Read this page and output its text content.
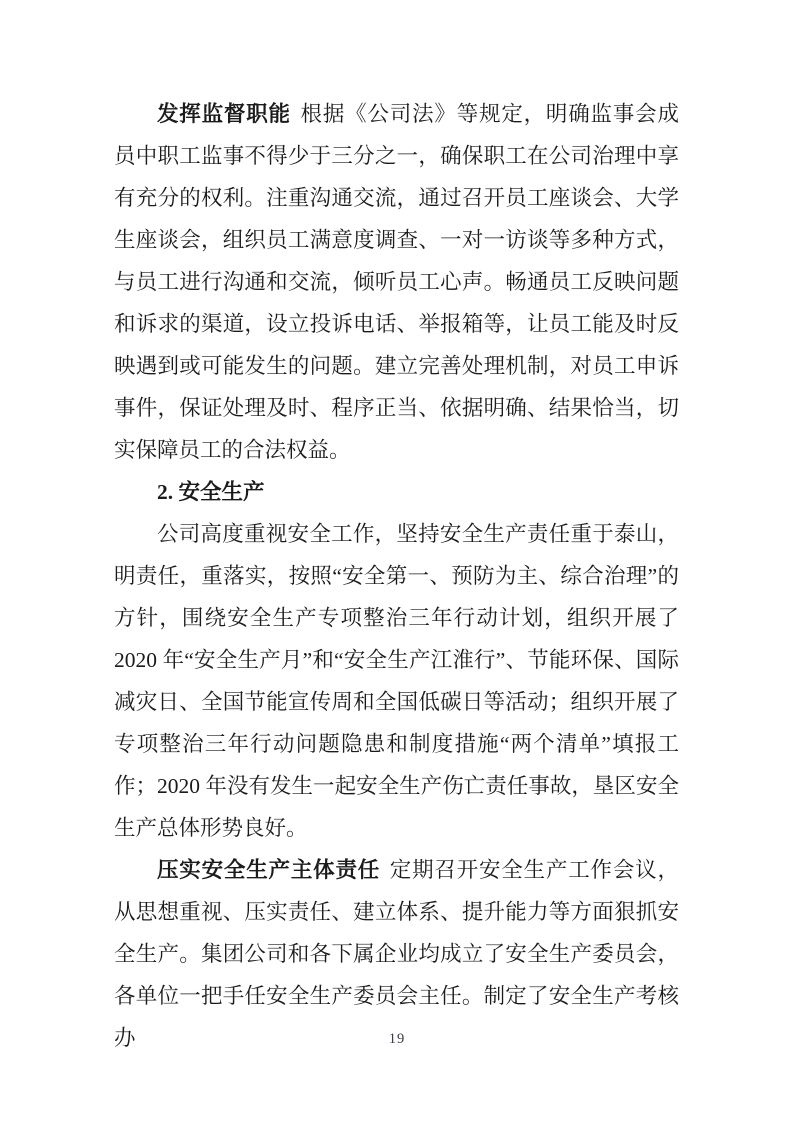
发挥监督职能 根据《公司法》等规定，明确监事会成员中职工监事不得少于三分之一，确保职工在公司治理中享有充分的权利。注重沟通交流，通过召开员工座谈会、大学生座谈会，组织员工满意度调查、一对一访谈等多种方式，与员工进行沟通和交流，倾听员工心声。畅通员工反映问题和诉求的渠道，设立投诉电话、举报箱等，让员工能及时反映遇到或可能发生的问题。建立完善处理机制，对员工申诉事件，保证处理及时、程序正当、依据明确、结果恰当，切实保障员工的合法权益。

2. 安全生产

公司高度重视安全工作，坚持安全生产责任重于泰山，明责任，重落实，按照“安全第一、预防为主、综合治理”的方针，围绕安全生产专项整治三年行动计划，组织开展了 2020 年“安全生产月”和“安全生产江淮行”、节能环保、国际减灾日、全国节能宣传周和全国低碳日等活动；组织开展了专项整治三年行动问题隐患和制度措施“两个清单”填报工作；2020 年没有发生一起安全生产伤亡责任事故，垦区安全生产总体形势良好。

压实安全生产主体责任 定期召开安全生产工作会议，从思想重视、压实责任、建立体系、提升能力等方面狠抓安全生产。集团公司和各下属企业均成立了安全生产委员会，各单位一把手任安全生产委员会主任。制定了安全生产考核办	19
